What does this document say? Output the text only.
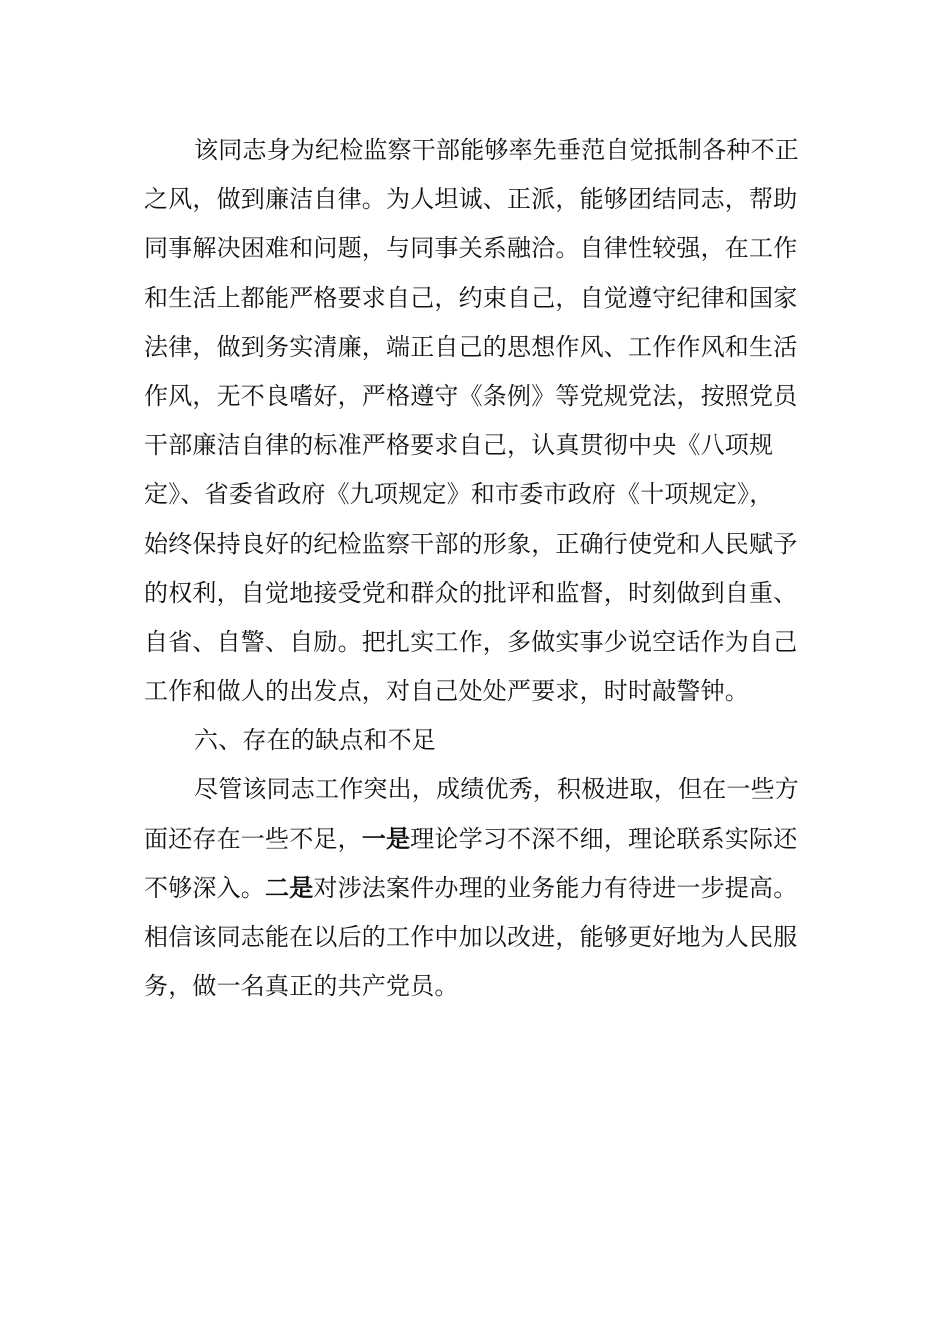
该同志身为纪检监察干部能够率先垂范自觉抵制各种不正
之风，做到廉洁自律。为人坦诚、正派，能够团结同志，帮助
同事解决困难和问题，与同事关系融洽。自律性较强，在工作
和生活上都能严格要求自己，约束自己，自觉遵守纪律和国家
法律，做到务实清廉，端正自己的思想作风、工作作风和生活
作风，无不良嗜好，严格遵守《条例》等党规党法，按照党员
干部廉洁自律的标准严格要求自己，认真贯彻中央《八项规
定》、省委省政府《九项规定》和市委市政府《十项规定》，
始终保持良好的纪检监察干部的形象，正确行使党和人民赋予
的权利，自觉地接受党和群众的批评和监督，时刻做到自重、
自省、自警、自励。把扎实工作，多做实事少说空话作为自己
工作和做人的出发点，对自己处处严要求，时时敲警钟。
六、存在的缺点和不足
尽管该同志工作突出，成绩优秀，积极进取，但在一些方
面还存在一些不足，一是理论学习不深不细，理论联系实际还
不够深入。二是对涉法案件办理的业务能力有待进一步提高。
相信该同志能在以后的工作中加以改进，能够更好地为人民服
务，做一名真正的共产党员。
